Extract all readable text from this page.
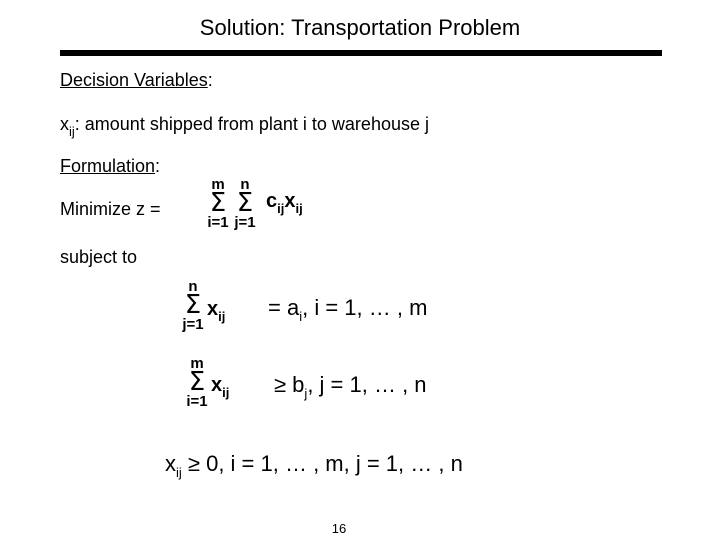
Solution: Transportation Problem
Decision Variables:
$x_{ij}$: amount shipped from plant i to warehouse j
Formulation:
Minimize z =
m
Σ
i=1
n
Σ
j=1
$c_{ij}x_{ij}$
subject to
n
Σ
j=1
$x_{ij} = a_i$, i = 1, … , m
m
Σ
i=1
$x_{ij} \ge b_j$, j = 1, … , n
$x_{ij} \ge 0$, i = 1, … , m, j = 1, … , n
16
